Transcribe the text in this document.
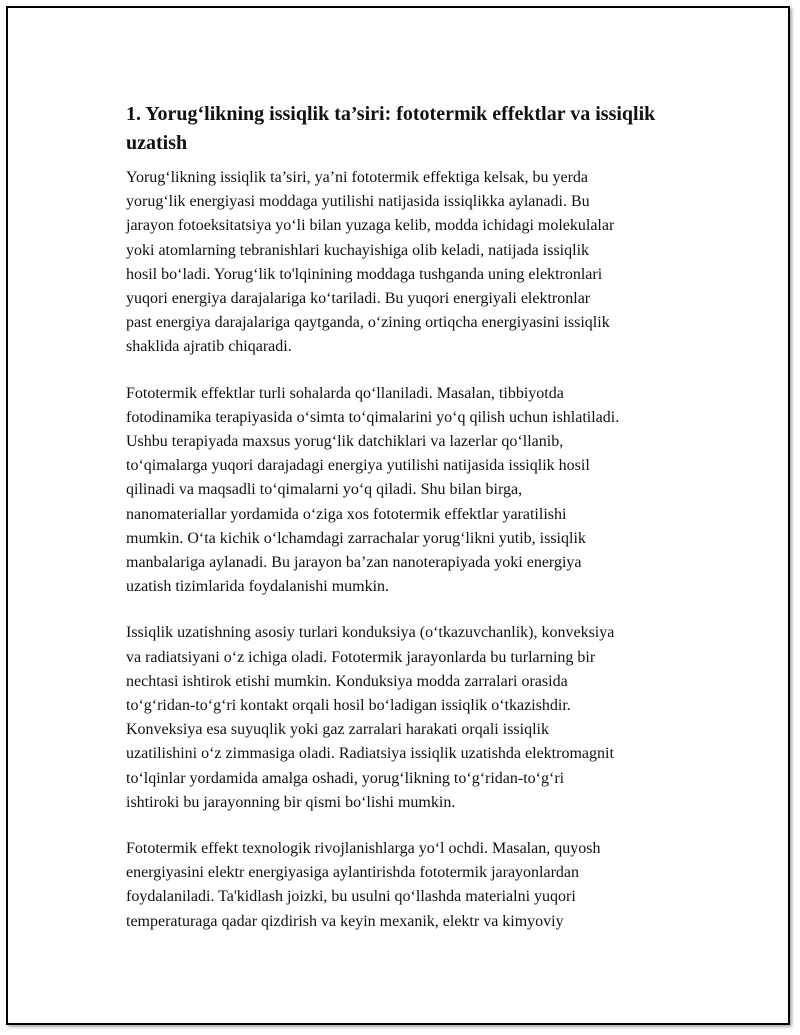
1. Yorug‘likning issiqlik ta’siri: fototermik effektlar va issiqlik
uzatish
Yorug‘likning issiqlik ta’siri, ya’ni fototermik effektiga kelsak, bu yerda
yorug‘lik energiyasi moddaga yutilishi natijasida issiqlikka aylanadi. Bu
jarayon fotoeksitatsiya yo‘li bilan yuzaga kelib, modda ichidagi molekulalar
yoki atomlarning tebranishlari kuchayishiga olib keladi, natijada issiqlik
hosil bo‘ladi. Yorug‘lik to'lqinining moddaga tushganda uning elektronlari
yuqori energiya darajalariga ko‘tariladi. Bu yuqori energiyali elektronlar
past energiya darajalariga qaytganda, o‘zining ortiqcha energiyasini issiqlik
shaklida ajratib chiqaradi.
Fototermik effektlar turli sohalarda qo‘llaniladi. Masalan, tibbiyotda
fotodinamika terapiyasida o‘simta to‘qimalarini yo‘q qilish uchun ishlatiladi.
Ushbu terapiyada maxsus yorug‘lik datchiklari va lazerlar qo‘llanib,
to‘qimalarga yuqori darajadagi energiya yutilishi natijasida issiqlik hosil
qilinadi va maqsadli to‘qimalarni yo‘q qiladi. Shu bilan birga,
nanomateriallar yordamida o‘ziga xos fototermik effektlar yaratilishi
mumkin. O‘ta kichik o‘lchamdagi zarrachalar yorug‘likni yutib, issiqlik
manbalariga aylanadi. Bu jarayon ba’zan nanoterapiyada yoki energiya
uzatish tizimlarida foydalanishi mumkin.
Issiqlik uzatishning asosiy turlari konduksiya (o‘tkazuvchanlik), konveksiya
va radiatsiyani o‘z ichiga oladi. Fototermik jarayonlarda bu turlarning bir
nechtasi ishtirok etishi mumkin. Konduksiya modda zarralari orasida
to‘g‘ridan-to‘g‘ri kontakt orqali hosil bo‘ladigan issiqlik o‘tkazishdir.
Konveksiya esa suyuqlik yoki gaz zarralari harakati orqali issiqlik
uzatilishini o‘z zimmasiga oladi. Radiatsiya issiqlik uzatishda elektromagnit
to‘lqinlar yordamida amalga oshadi, yorug‘likning to‘g‘ridan-to‘g‘ri
ishtiroki bu jarayonning bir qismi bo‘lishi mumkin.
Fototermik effekt texnologik rivojlanishlarga yo‘l ochdi. Masalan, quyosh
energiyasini elektr energiyasiga aylantirishda fototermik jarayonlardan
foydalaniladi. Ta'kidlash joizki, bu usulni qo‘llashda materialni yuqori
temperaturaga qadar qizdirish va keyin mexanik, elektr va kimyoviy
